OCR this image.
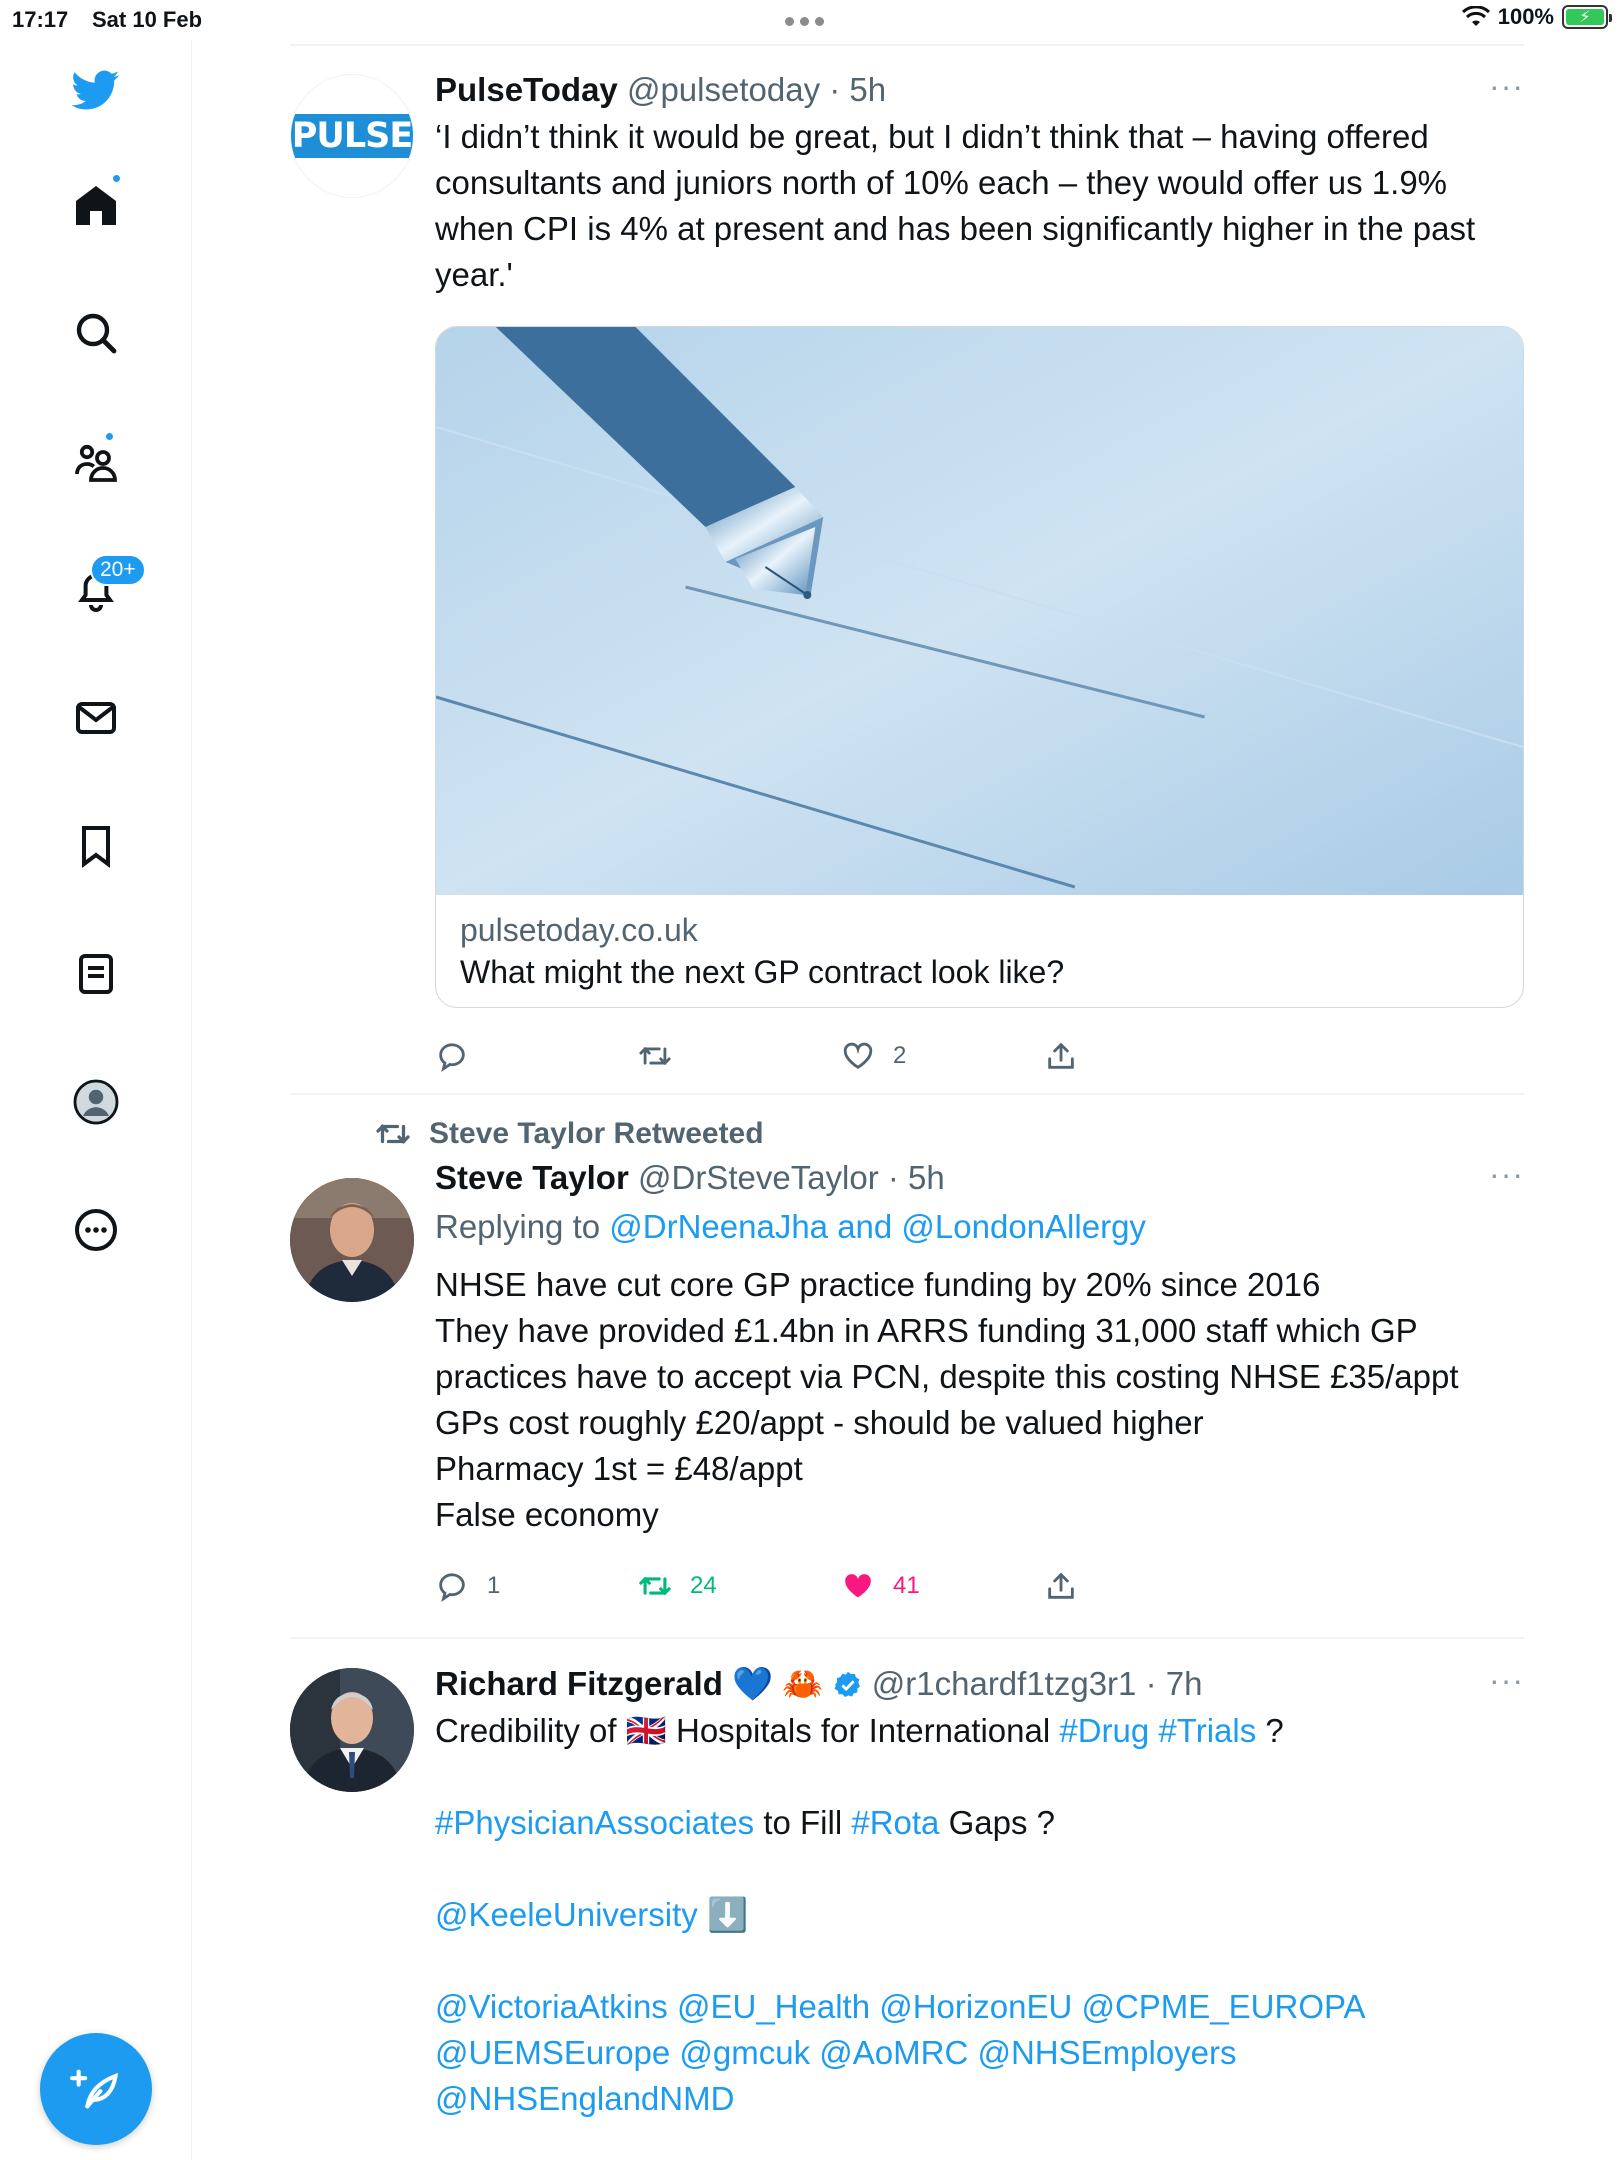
17:17 Sat 10 Feb	100%	⚡
20+
PULSE
PulseToday @pulsetoday · 5h	···
‘I didn’t think it would be great, but I didn’t think that – having offered consultants and juniors north of 10% each – they would offer us 1.9% when CPI is 4% at present and has been significantly higher in the past year.'
pulsetoday.co.uk
What might the next GP contract look like?
2
Steve Taylor Retweeted
Steve Taylor @DrSteveTaylor · 5h	···
Replying to @DrNeenaJha and @LondonAllergy
NHSE have cut core GP practice funding by 20% since 2016
They have provided £1.4bn in ARRS funding 31,000 staff which GP practices have to accept via PCN, despite this costing NHSE £35/appt
GPs cost roughly £20/appt - should be valued higher
Pharmacy 1st = £48/appt
False economy
1	24	41
Richard Fitzgerald 💙 🦀 @r1chardf1tzg3r1 · 7h	···
Credibility of 🇬🇧 Hospitals for International #Drug #Trials ?
#PhysicianAssociates to Fill #Rota Gaps ?
@KeeleUniversity ⬇️
@VictoriaAtkins @EU_Health @HorizonEU @CPME_EUROPA
@UEMSEurope @gmcuk @AoMRC @NHSEmployers
@NHSEnglandNMD
